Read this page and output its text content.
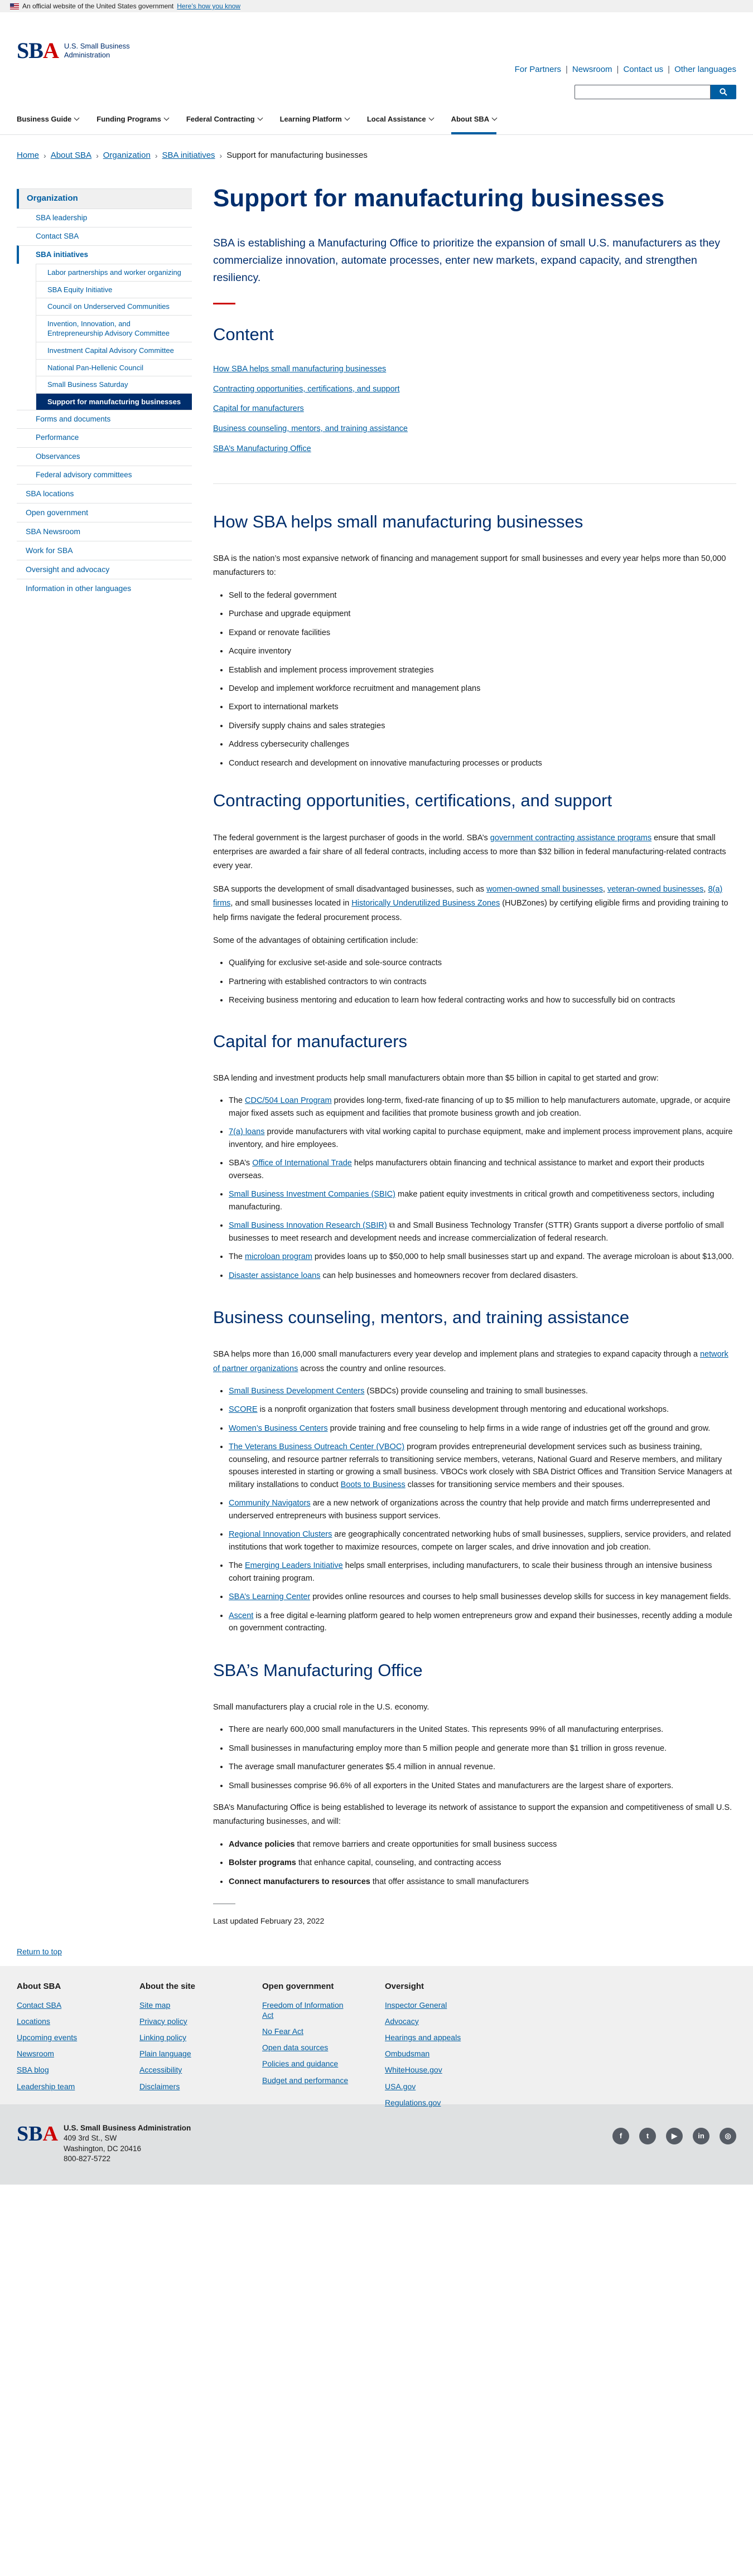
An official website of the United States government Here’s how you know
SBA U.S. Small Business
Administration
For Partners | Newsroom | Contact us | Other languages
Business Guide	Funding Programs	Federal Contracting	Learning Platform	Local Assistance	About SBA
Home › About SBA › Organization › SBA initiatives › Support for manufacturing businesses
Organization
SBA leadership
Contact SBA
SBA initiatives
Labor partnerships and worker organizing
SBA Equity Initiative
Council on Underserved Communities
Invention, Innovation, and Entrepreneurship Advisory Committee
Investment Capital Advisory Committee
National Pan-Hellenic Council
Small Business Saturday
Support for manufacturing businesses
Forms and documents
Performance
Observances
Federal advisory committees
SBA locations
Open government
SBA Newsroom
Work for SBA
Oversight and advocacy
Information in other languages
Support for manufacturing businesses

SBA is establishing a Manufacturing Office to prioritize the expansion of small U.S. manufacturers as they commercialize innovation, automate processes, enter new markets, expand capacity, and strengthen resiliency.

Content
How SBA helps small manufacturing businesses
Contracting opportunities, certifications, and support
Capital for manufacturers
Business counseling, mentors, and training assistance
SBA’s Manufacturing Office
How SBA helps small manufacturing businesses

SBA is the nation’s most expansive network of financing and management support for small businesses and every year helps more than 50,000 manufacturers to:

• Sell to the federal government
• Purchase and upgrade equipment
• Expand or renovate facilities
• Acquire inventory
• Establish and implement process improvement strategies
• Develop and implement workforce recruitment and management plans
• Export to international markets
• Diversify supply chains and sales strategies
• Address cybersecurity challenges
• Conduct research and development on innovative manufacturing processes or products
Contracting opportunities, certifications, and support

The federal government is the largest purchaser of goods in the world. SBA’s government contracting assistance programs ensure that small enterprises are awarded a fair share of all federal contracts, including access to more than $32 billion in federal manufacturing-related contracts every year.

SBA supports the development of small disadvantaged businesses, such as women-owned small businesses, veteran-owned businesses, 8(a) firms, and small businesses located in Historically Underutilized Business Zones (HUBZones) by certifying eligible firms and providing training to help firms navigate the federal procurement process.

Some of the advantages of obtaining certification include:

• Qualifying for exclusive set-aside and sole-source contracts
• Partnering with established contractors to win contracts
• Receiving business mentoring and education to learn how federal contracting works and how to successfully bid on contracts
Capital for manufacturers

SBA lending and investment products help small manufacturers obtain more than $5 billion in capital to get started and grow:

• The CDC/504 Loan Program provides long-term, fixed-rate financing of up to $5 million to help manufacturers automate, upgrade, or acquire major fixed assets such as equipment and facilities that promote business growth and job creation.
• 7(a) loans provide manufacturers with vital working capital to purchase equipment, make and implement process improvement plans, acquire inventory, and hire employees.
• SBA’s Office of International Trade helps manufacturers obtain financing and technical assistance to market and export their products overseas.
• Small Business Investment Companies (SBIC) make patient equity investments in critical growth and competitiveness sectors, including manufacturing.
• Small Business Innovation Research (SBIR) ⧉ and Small Business Technology Transfer (STTR) Grants support a diverse portfolio of small businesses to meet research and development needs and increase commercialization of federal research.
• The microloan program provides loans up to $50,000 to help small businesses start up and expand. The average microloan is about $13,000.
• Disaster assistance loans can help businesses and homeowners recover from declared disasters.
Business counseling, mentors, and training assistance

SBA helps more than 16,000 small manufacturers every year develop and implement plans and strategies to expand capacity through a network of partner organizations across the country and online resources.

• Small Business Development Centers (SBDCs) provide counseling and training to small businesses.
• SCORE is a nonprofit organization that fosters small business development through mentoring and educational workshops.
• Women’s Business Centers provide training and free counseling to help firms in a wide range of industries get off the ground and grow.
• The Veterans Business Outreach Center (VBOC) program provides entrepreneurial development services such as business training, counseling, and resource partner referrals to transitioning service members, veterans, National Guard and Reserve members, and military spouses interested in starting or growing a small business. VBOCs work closely with SBA District Offices and Transition Service Managers at military installations to conduct Boots to Business classes for transitioning service members and their spouses.
• Community Navigators are a new network of organizations across the country that help provide and match firms underrepresented and underserved entrepreneurs with business support services.
• Regional Innovation Clusters are geographically concentrated networking hubs of small businesses, suppliers, service providers, and related institutions that work together to maximize resources, compete on larger scales, and drive innovation and job creation.
• The Emerging Leaders Initiative helps small enterprises, including manufacturers, to scale their business through an intensive business cohort training program.
• SBA’s Learning Center provides online resources and courses to help small businesses develop skills for success in key management fields.
• Ascent is a free digital e-learning platform geared to help women entrepreneurs grow and expand their businesses, recently adding a module on government contracting.
SBA’s Manufacturing Office

Small manufacturers play a crucial role in the U.S. economy.

• There are nearly 600,000 small manufacturers in the United States. This represents 99% of all manufacturing enterprises.
• Small businesses in manufacturing employ more than 5 million people and generate more than $1 trillion in gross revenue.
• The average small manufacturer generates $5.4 million in annual revenue.
• Small businesses comprise 96.6% of all exporters in the United States and manufacturers are the largest share of exporters.

SBA’s Manufacturing Office is being established to leverage its network of assistance to support the expansion and competitiveness of small U.S. manufacturing businesses, and will:

• Advance policies that remove barriers and create opportunities for small business success
• Bolster programs that enhance capital, counseling, and contracting access
• Connect manufacturers to resources that offer assistance to small manufacturers
Last updated February 23, 2022
Return to top
About SBA
Contact SBA
Locations
Upcoming events
Newsroom
SBA blog
Leadership team
About the site
Site map
Privacy policy
Linking policy
Plain language
Accessibility
Disclaimers
Open government
Freedom of Information Act
No Fear Act
Open data sources
Policies and guidance
Budget and performance
Oversight
Inspector General
Advocacy
Hearings and appeals
Ombudsman
WhiteHouse.gov
USA.gov
Regulations.gov
SBA U.S. Small Business Administration
409 3rd St., SW
Washington, DC 20416
800-827-5722
f	t	▶	in	◎
